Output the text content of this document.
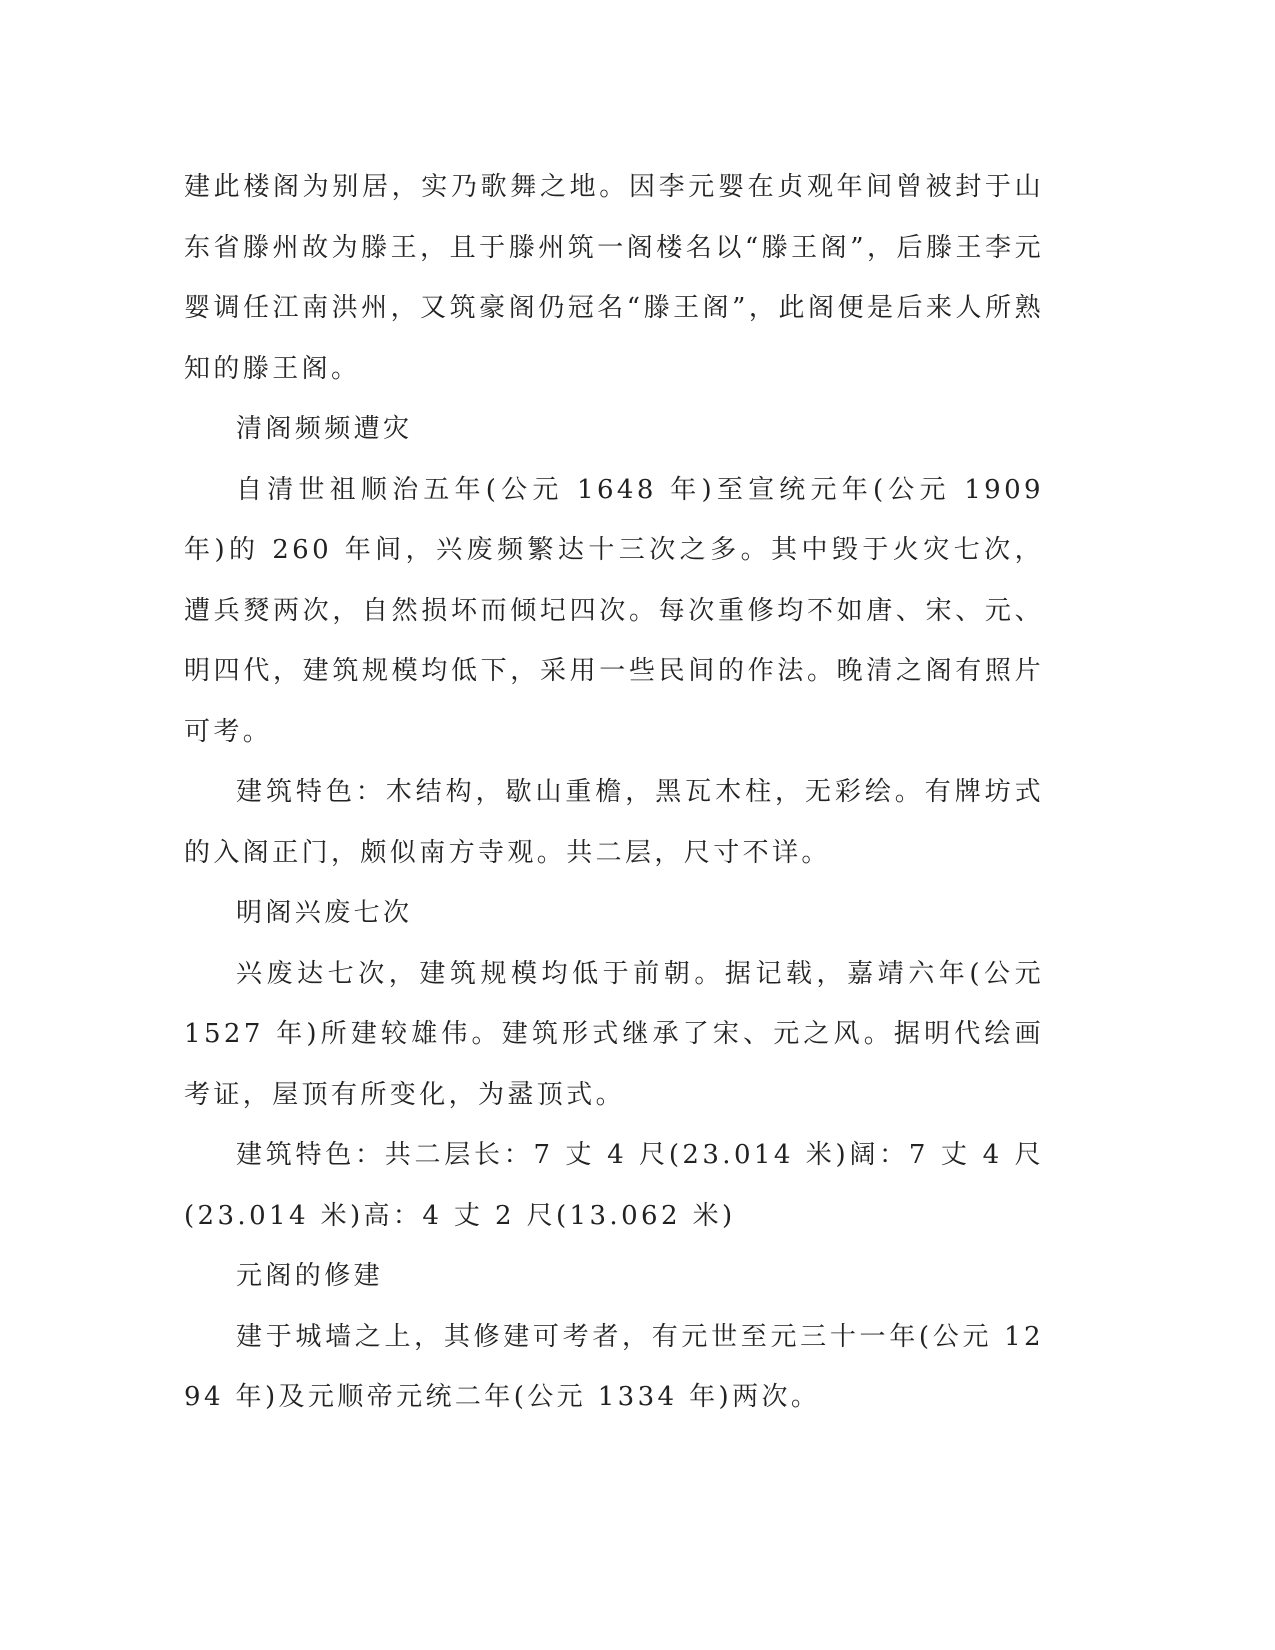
建此楼阁为别居，实乃歌舞之地。因李元婴在贞观年间曾被封于山东省滕州故为滕王，且于滕州筑一阁楼名以“滕王阁”，后滕王李元婴调任江南洪州，又筑豪阁仍冠名“滕王阁”，此阁便是后来人所熟知的滕王阁。

清阁频频遭灾

自清世祖顺治五年(公元 1648 年)至宣统元年(公元 1909 年)的 260 年间，兴废频繁达十三次之多。其中毁于火灾七次，遭兵燹两次，自然损坏而倾圮四次。每次重修均不如唐、宋、元、明四代，建筑规模均低下，采用一些民间的作法。晚清之阁有照片可考。

建筑特色：木结构，歇山重檐，黑瓦木柱，无彩绘。有牌坊式的入阁正门，颇似南方寺观。共二层，尺寸不详。

明阁兴废七次

兴废达七次，建筑规模均低于前朝。据记载，嘉靖六年(公元 1527 年)所建较雄伟。建筑形式继承了宋、元之风。据明代绘画考证，屋顶有所变化，为盝顶式。

建筑特色：共二层长：7 丈 4 尺(23.014 米)阔：7 丈 4 尺(23.014 米)高：4 丈 2 尺(13.062 米)

元阁的修建

建于城墙之上，其修建可考者，有元世至元三十一年(公元 1294 年)及元顺帝元统二年(公元 1334 年)两次。
